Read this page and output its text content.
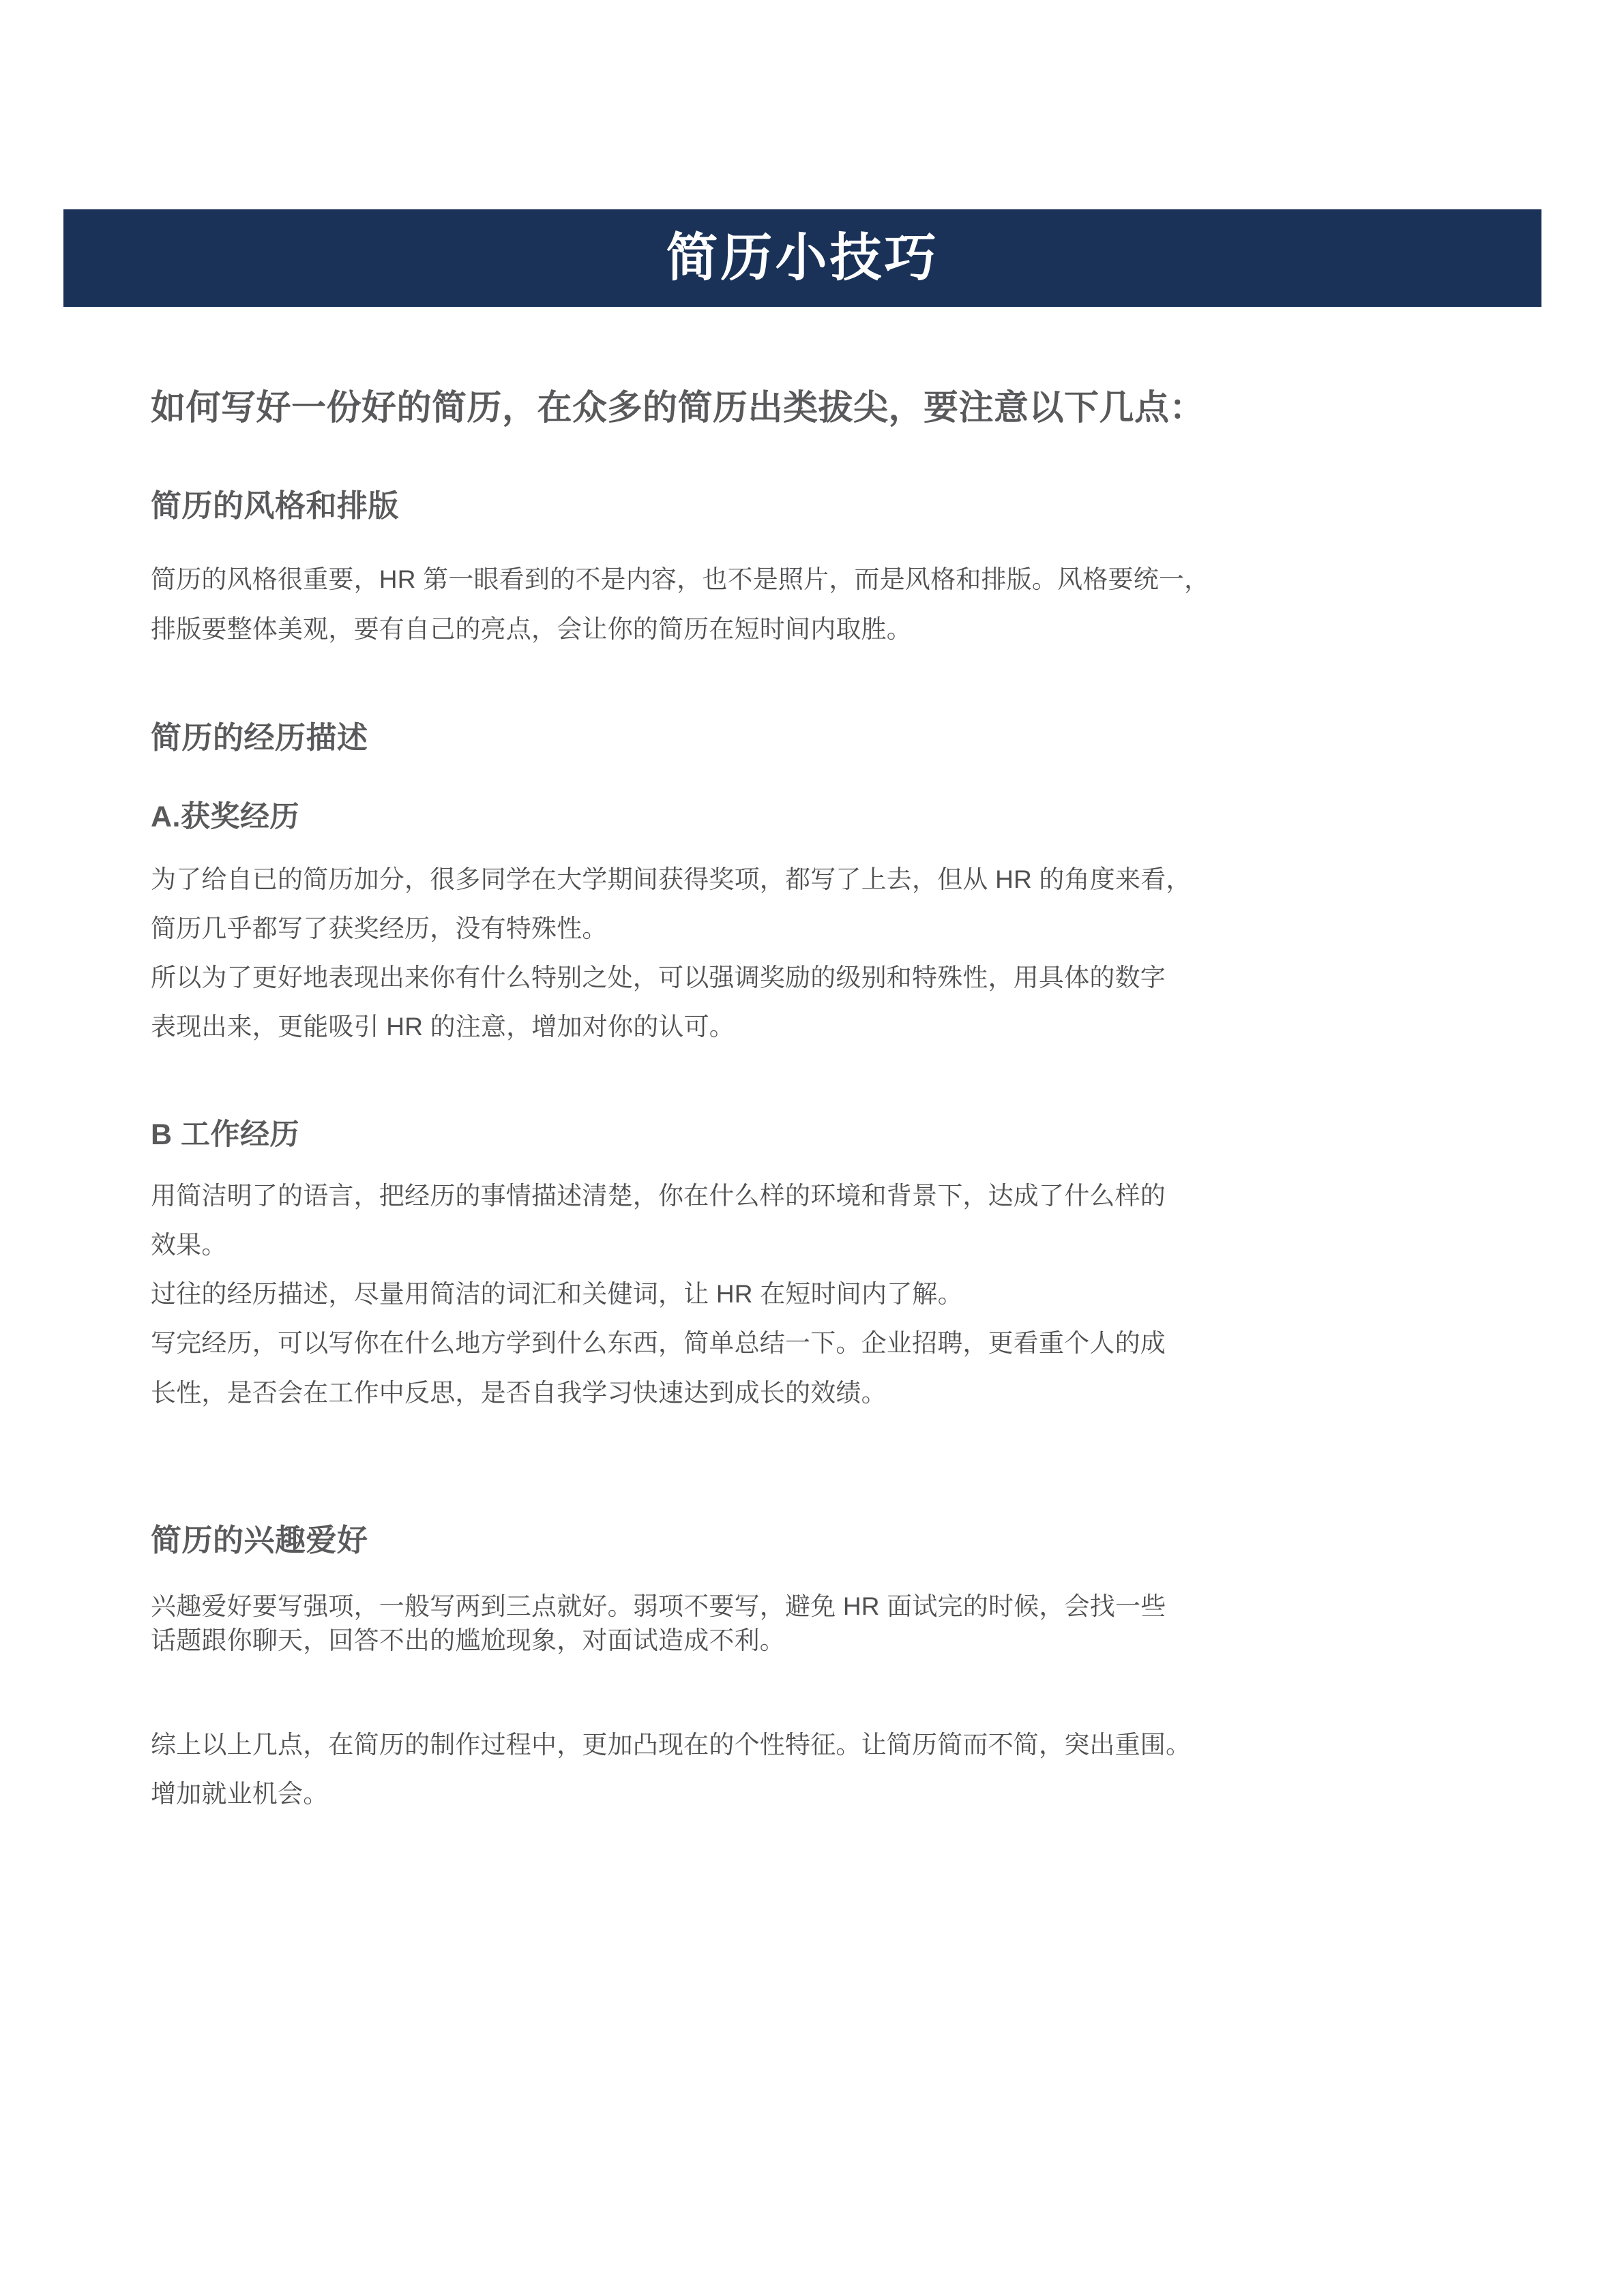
简历小技巧
如何写好一份好的简历，在众多的简历出类拔尖，要注意以下几点：
简历的风格和排版
简历的风格很重要，HR 第一眼看到的不是内容，也不是照片，而是风格和排版。风格要统一，
排版要整体美观，要有自己的亮点，会让你的简历在短时间内取胜。
简历的经历描述
A.获奖经历
为了给自已的简历加分，很多同学在大学期间获得奖项，都写了上去，但从 HR 的角度来看，
简历几乎都写了获奖经历，没有特殊性。
所以为了更好地表现出来你有什么特别之处，可以强调奖励的级别和特殊性，用具体的数字
表现出来，更能吸引 HR 的注意，增加对你的认可。
B 工作经历
用简洁明了的语言，把经历的事情描述清楚，你在什么样的环境和背景下，达成了什么样的
效果。
过往的经历描述，尽量用简洁的词汇和关健词，让 HR 在短时间内了解。
写完经历，可以写你在什么地方学到什么东西，简单总结一下。企业招聘，更看重个人的成
长性，是否会在工作中反思，是否自我学习快速达到成长的效绩。
简历的兴趣爱好
兴趣爱好要写强项，一般写两到三点就好。弱项不要写，避免 HR 面试完的时候，会找一些
话题跟你聊天，回答不出的尴尬现象，对面试造成不利。
综上以上几点，在简历的制作过程中，更加凸现在的个性特征。让简历简而不简，突出重围。
增加就业机会。
